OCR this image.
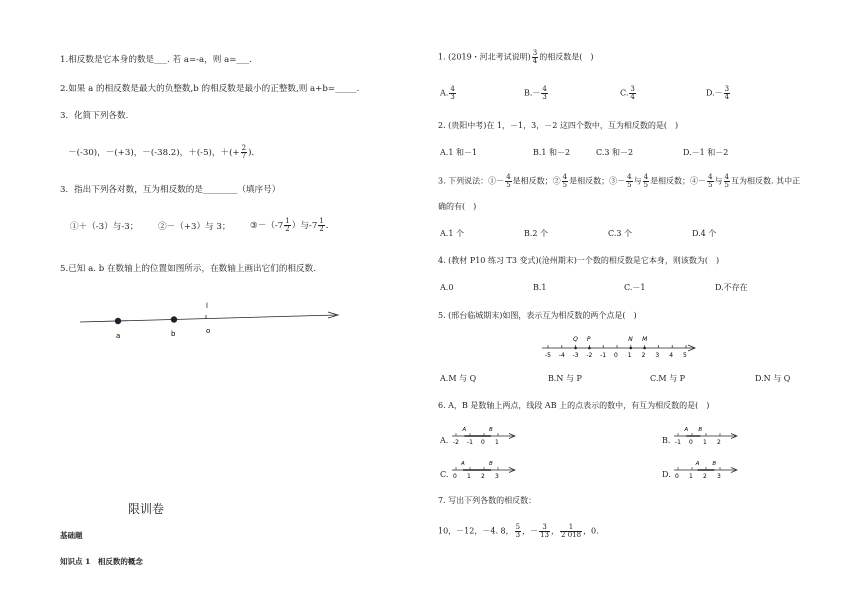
1.相反数是它本身的数是___. 若 a=-a，则 a=___.
2.如果 a 的相反数是最大的负整数,b 的相反数是最小的正整数,则 a+b=_____.
3．化简下列各数.
－(-30)，－(+3)，－(-38.2)，＋(-5)，＋(+ $\frac{2}{7}$ )．
3．指出下列各对数，互为相反数的是________（填序号）
①＋（-3）与-3； ②－（+3）与 3； ③－（-7 $\frac{1}{2}$ ）与$-7 \frac{1}{2}$ ．
5.已知 a. b 在数轴上的位置如图所示，在数轴上画出它们的相反数.
a	b	o
l
限训卷
基础题
知识点 1　相反数的概念
1. (2019・河北考试说明) $\frac{3}{4}$ 的相反数是(　)
A. $\frac{4}{3}$	$B.- \frac{4}{3}$	C. $\frac{3}{4}$	$D.- \frac{3}{4}$
2. (贵阳中考)在 1，－1，3，－2 这四个数中，互为相反数的是(　)
A.1 和－1	B.1 和－2	C.3 和－2	D.－1 和－2
3. 下列说法：①－ $\frac{4}{5}$ 是相反数；② $\frac{4}{5}$ 是相反数；③－ $\frac{4}{5}$ 与 $\frac{4}{5}$ 是相反数；④－ $\frac{4}{5}$ 与 $\frac{4}{5}$ 互为相反数. 其中正
确的有(　)
A.1 个	B.2 个	C.3 个	D.4 个
4. (教材 P10 练习 T3 变式)(沧州期末)一个数的相反数是它本身，则该数为(　)
A.0	B.1	C.－1	D.不存在
5. (邢台临城期末)如图，表示互为相反数的两个点是(　)
-5 -4 -3 -2 -1 0 1 2 3 4 5
Q P	N M
A.M 与 Q	B.N 与 P	C.M 与 P	D.N 与 Q
6. A，B 是数轴上两点，线段 AB 上的点表示的数中，有互为相反数的是(　)
A. -2 -1 0 1
A	B
B. -1 0 1 2
A B
C. 0 1 2 3
A	B
D. 0 1 2 3
A B
7. 写出下列各数的相反数：
10，－12，－4. 8， $\frac{5}{3}$ ，－ $\frac{3}{13}$ ， $\frac{1}{2 018}$ ，0.
